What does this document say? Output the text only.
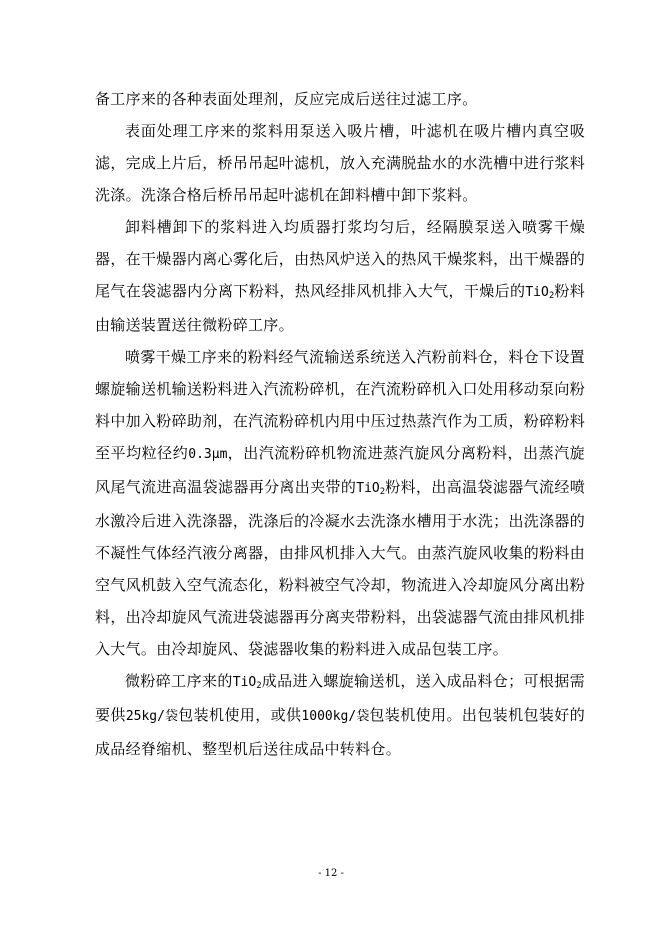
备工序来的各种表面处理剂，反应完成后送往过滤工序。

表面处理工序来的浆料用泵送入吸片槽，叶滤机在吸片槽内真空吸滤，完成上片后，桥吊吊起叶滤机，放入充满脱盐水的水洗槽中进行浆料洗涤。洗涤合格后桥吊吊起叶滤机在卸料槽中卸下浆料。

卸料槽卸下的浆料进入均质器打浆均匀后，经隔膜泵送入喷雾干燥器，在干燥器内离心雾化后，由热风炉送入的热风干燥浆料，出干燥器的尾气在袋滤器内分离下粉料，热风经排风机排入大气，干燥后的TiO$_2$粉料由输送装置送往微粉碎工序。

喷雾干燥工序来的粉料经气流输送系统送入汽粉前料仓，料仓下设置螺旋输送机输送粉料进入汽流粉碎机，在汽流粉碎机入口处用移动泵向粉料中加入粉碎助剂，在汽流粉碎机内用中压过热蒸汽作为工质，粉碎粉料至平均粒径约0.3μm，出汽流粉碎机物流进蒸汽旋风分离粉料，出蒸汽旋风尾气流进高温袋滤器再分离出夹带的TiO$_2$粉料，出高温袋滤器气流经喷水激冷后进入洗涤器，洗涤后的冷凝水去洗涤水槽用于水洗；出洗涤器的不凝性气体经汽液分离器，由排风机排入大气。由蒸汽旋风收集的粉料由空气风机鼓入空气流态化，粉料被空气冷却，物流进入冷却旋风分离出粉料，出冷却旋风气流进袋滤器再分离夹带粉料，出袋滤器气流由排风机排入大气。由冷却旋风、袋滤器收集的粉料进入成品包装工序。

微粉碎工序来的TiO$_2$成品进入螺旋输送机，送入成品料仓；可根据需要供25kg/袋包装机使用，或供1000kg/袋包装机使用。出包装机包装好的成品经脊缩机、整型机后送往成品中转料仓。

- 12 -
